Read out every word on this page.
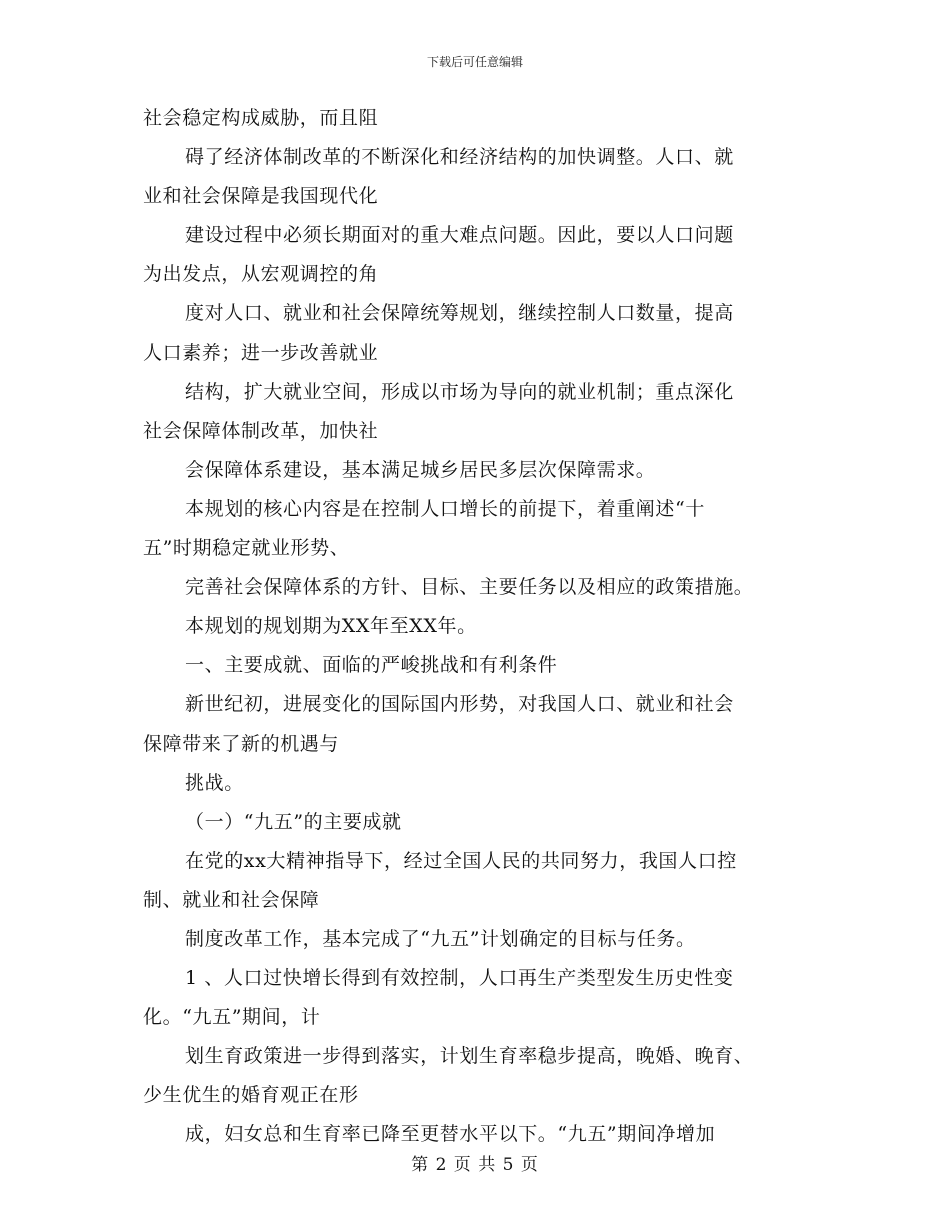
下载后可任意编辑
社会稳定构成威胁，而且阻
碍了经济体制改革的不断深化和经济结构的加快调整。人口、就
业和社会保障是我国现代化
建设过程中必须长期面对的重大难点问题。因此，要以人口问题
为出发点，从宏观调控的角
度对人口、就业和社会保障统筹规划，继续控制人口数量，提高
人口素养；进一步改善就业
结构，扩大就业空间，形成以市场为导向的就业机制；重点深化
社会保障体制改革，加快社
会保障体系建设，基本满足城乡居民多层次保障需求。
本规划的核心内容是在控制人口增长的前提下，着重阐述“十
五”时期稳定就业形势、
完善社会保障体系的方针、目标、主要任务以及相应的政策措施。
本规划的规划期为XX年至XX年。
一、主要成就、面临的严峻挑战和有利条件
新世纪初，进展变化的国际国内形势，对我国人口、就业和社会
保障带来了新的机遇与
挑战。
（一）“九五”的主要成就
在党的xx大精神指导下，经过全国人民的共同努力，我国人口控
制、就业和社会保障
制度改革工作，基本完成了“九五”计划确定的目标与任务。
1 、人口过快增长得到有效控制，人口再生产类型发生历史性变
化。“九五”期间，计
划生育政策进一步得到落实，计划生育率稳步提高，晚婚、晚育、
少生优生的婚育观正在形
成，妇女总和生育率已降至更替水平以下。“九五”期间净增加
第 2 页 共 5 页
